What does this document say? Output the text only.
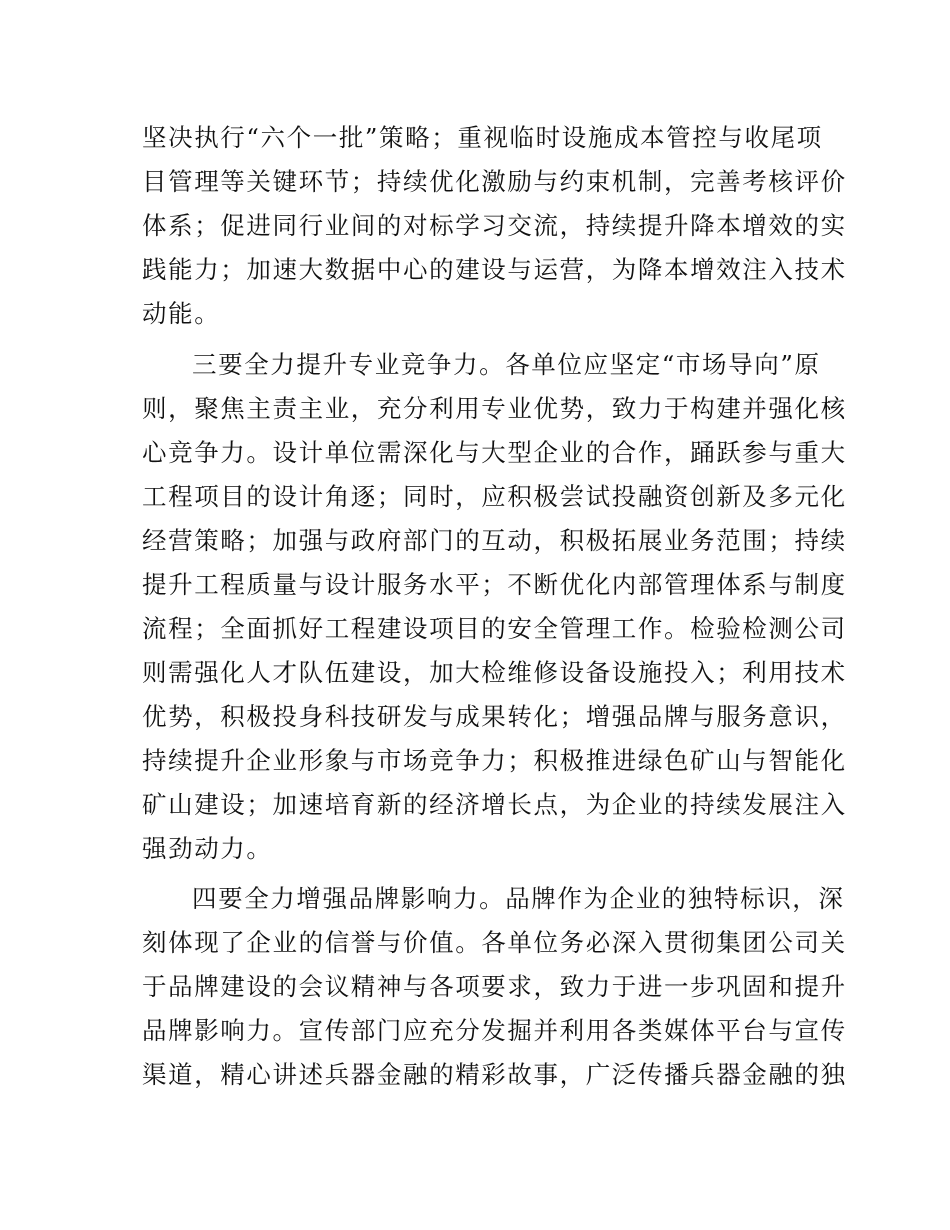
坚决执行“六个一批”策略；重视临时设施成本管控与收尾项
目管理等关键环节；持续优化激励与约束机制，完善考核评价
体系；促进同行业间的对标学习交流，持续提升降本增效的实
践能力；加速大数据中心的建设与运营，为降本增效注入技术
动能。
三要全力提升专业竞争力。各单位应坚定“市场导向”原
则，聚焦主责主业，充分利用专业优势，致力于构建并强化核
心竞争力。设计单位需深化与大型企业的合作，踊跃参与重大
工程项目的设计角逐；同时，应积极尝试投融资创新及多元化
经营策略；加强与政府部门的互动，积极拓展业务范围；持续
提升工程质量与设计服务水平；不断优化内部管理体系与制度
流程；全面抓好工程建设项目的安全管理工作。检验检测公司
则需强化人才队伍建设，加大检维修设备设施投入；利用技术
优势，积极投身科技研发与成果转化；增强品牌与服务意识，
持续提升企业形象与市场竞争力；积极推进绿色矿山与智能化
矿山建设；加速培育新的经济增长点，为企业的持续发展注入
强劲动力。
四要全力增强品牌影响力。品牌作为企业的独特标识，深
刻体现了企业的信誉与价值。各单位务必深入贯彻集团公司关
于品牌建设的会议精神与各项要求，致力于进一步巩固和提升
品牌影响力。宣传部门应充分发掘并利用各类媒体平台与宣传
渠道，精心讲述兵器金融的精彩故事，广泛传播兵器金融的独
